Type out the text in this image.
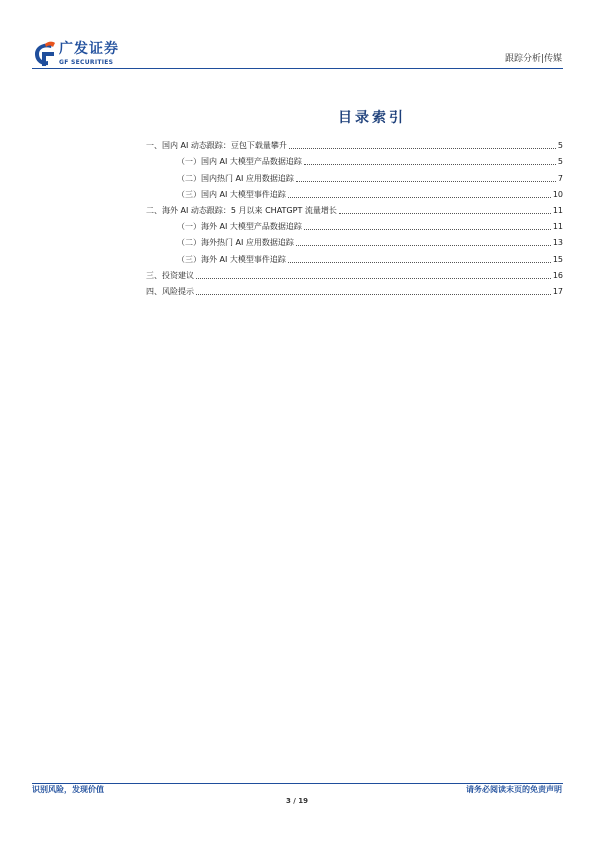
广发证券
GF SECURITIES	跟踪分析|传媒
目录索引
一、国内 AI 动态跟踪：豆包下载量攀升	5
（一）国内 AI 大模型产品数据追踪	5
（二）国内热门 AI 应用数据追踪	7
（三）国内 AI 大模型事件追踪	10
二、海外 AI 动态跟踪：5 月以来 CHATGPT 流量增长	11
（一）海外 AI 大模型产品数据追踪	11
（二）海外热门 AI 应用数据追踪	13
（三）海外 AI 大模型事件追踪	15
三、投资建议	16
四、风险提示	17
识别风险，发现价值	请务必阅读末页的免责声明
3 / 19
